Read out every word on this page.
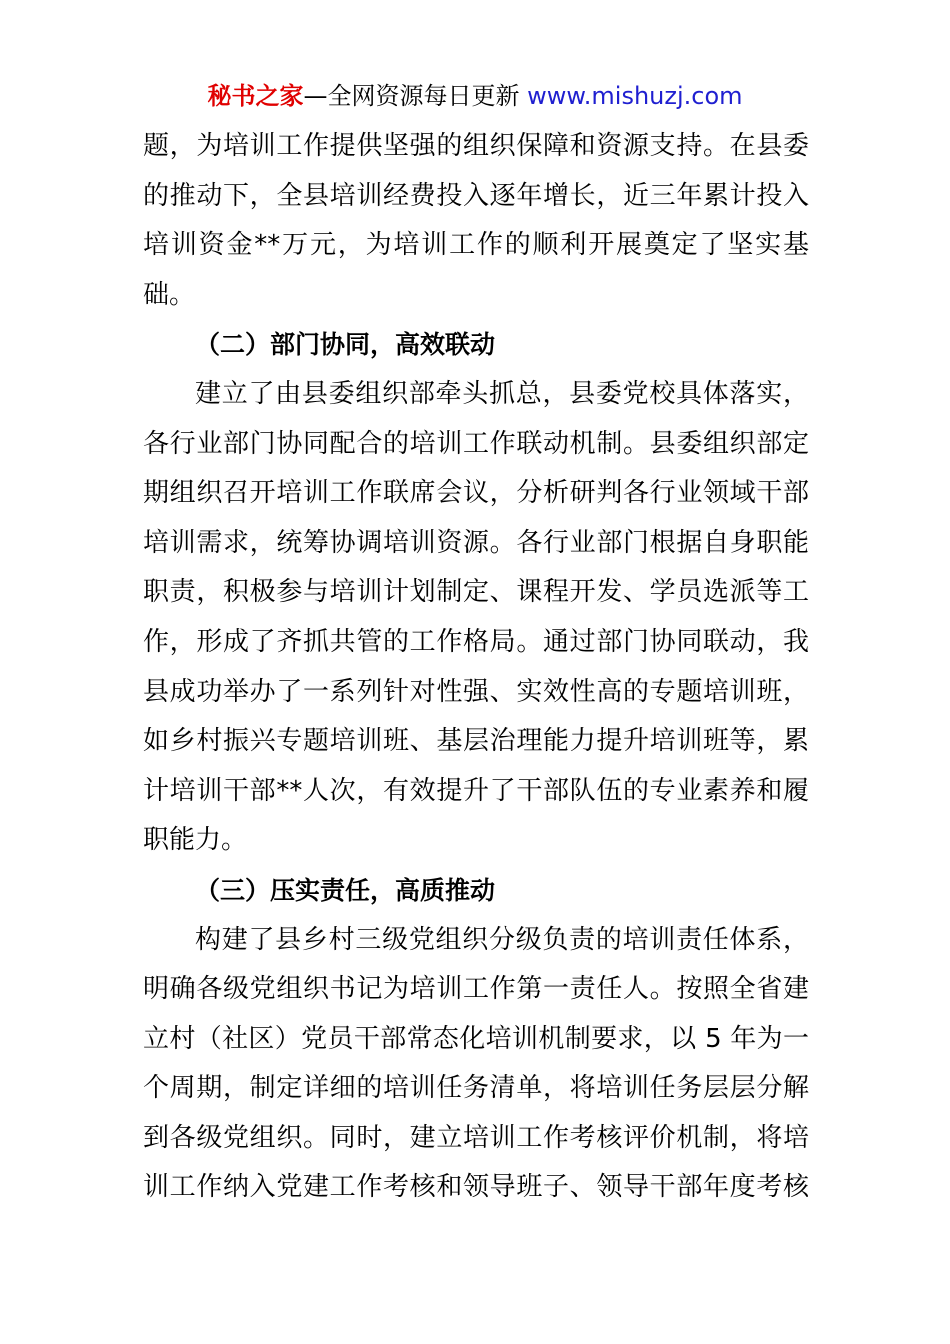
秘书之家—全网资源每日更新 www.mishuzj.com
题，为培训工作提供坚强的组织保障和资源支持。在县委
的推动下，全县培训经费投入逐年增长，近三年累计投入
培训资金**万元，为培训工作的顺利开展奠定了坚实基
础。
（二）部门协同，高效联动
建立了由县委组织部牵头抓总，县委党校具体落实，
各行业部门协同配合的培训工作联动机制。县委组织部定
期组织召开培训工作联席会议，分析研判各行业领域干部
培训需求，统筹协调培训资源。各行业部门根据自身职能
职责，积极参与培训计划制定、课程开发、学员选派等工
作，形成了齐抓共管的工作格局。通过部门协同联动，我
县成功举办了一系列针对性强、实效性高的专题培训班，
如乡村振兴专题培训班、基层治理能力提升培训班等，累
计培训干部**人次，有效提升了干部队伍的专业素养和履
职能力。
（三）压实责任，高质推动
构建了县乡村三级党组织分级负责的培训责任体系，
明确各级党组织书记为培训工作第一责任人。按照全省建
立村（社区）党员干部常态化培训机制要求，以 5 年为一
个周期，制定详细的培训任务清单，将培训任务层层分解
到各级党组织。同时，建立培训工作考核评价机制，将培
训工作纳入党建工作考核和领导班子、领导干部年度考核
